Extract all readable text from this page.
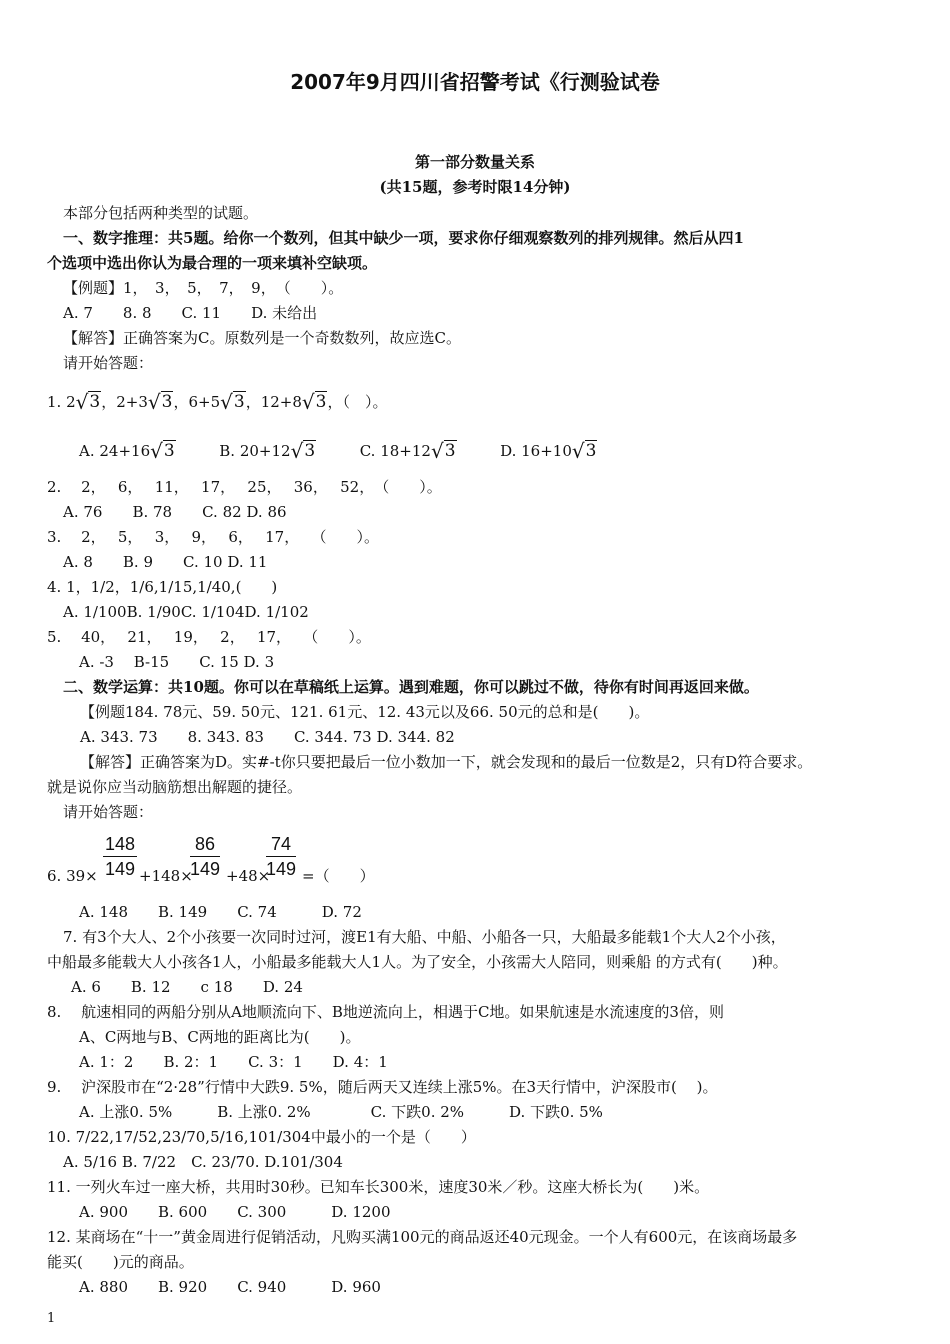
2007年9月四川省招警考试《行测验试卷
第一部分数量关系
(共15题，参考时限14分钟)
本部分包括两种类型的试题。
一、数字推理：共5题。给你一个数列，但其中缺少一项，要求你仔细观察数列的排列规律。然后从四1
个选项中选出你认为最合理的一项来填补空缺项。
【例题】1，　3，　5，　7，　9，　（　　）。
A. 7　　8. 8　　C. 11　　D. 未给出
【解答】正确答案为C。原数列是一个奇数数列，故应选C。
请开始答题：
1. 2√3，2+3√3，6+5√3，12+8√3，（　）。
A. 24+16√3	B. 20+12√3	C. 18+12√3	D. 16+10√3
2.　 2，　 6，　 11，　 17，　 25，　 36，　 52，　（　　）。
A. 76　　B. 78　　C. 82 D. 86
3.　 2，　 5，　 3，　 9，　 6，　 17，　 （　　）。
A. 8　　B. 9　　C. 10 D. 11
4. 1，1/2，1/6,1/15,1/40,(　　)
A. 1/100B. 1/90C. 1/104D. 1/102
5.　 40，　 21，　 19，　 2，　 17，　 （　　）。
A. -3　 B-15　　C. 15 D. 3
二、数学运算：共10题。你可以在草稿纸上运算。遇到难题，你可以跳过不做，待你有时间再返回来做。
【例题184. 78元、59. 50元、121. 61元、12. 43元以及66. 50元的总和是(　　)。
A. 343. 73　　8. 343. 83　　C. 344. 73 D. 344. 82
【解答】正确答案为D。实#-t你只要把最后一位小数加一下，就会发现和的最后一位数是2，只有D符合要求。
就是说你应当动脑筋想出解题的捷径。
请开始答题：
$\frac{148}{149}$	$\frac{86}{149}$	$\frac{74}{149}$
6. 39×	+148× +48× =（　　）
A. 148　　B. 149　　C. 74　　　D. 72
7. 有3个大人、2个小孩要一次同时过河，渡E1有大船、中船、小船各一只，大船最多能载1个大人2个小孩，
中船最多能载大人小孩各1人，小船最多能载大人1人。为了安全，小孩需大人陪同，则乘船 的方式有(　　)种。
A. 6　　B. 12　　c 18　　D. 24
8.　 航速相同的两船分别从A地顺流向下、B地逆流向上，相遇于C地。如果航速是水流速度的3倍，则
A、C两地与B、C两地的距离比为(　　)。
A. 1：2　　B. 2：1　　C. 3：1　　D. 4：1
9.　 沪深股市在“2·28”行情中大跌9. 5%，随后两天又连续上涨5%。在3天行情中，沪深股市(　 )。
A. 上涨0. 5%　　　B. 上涨0. 2%　　　　C. 下跌0. 2%　　　D. 下跌0. 5%
10. 7/22,17/52,23/70,5/16,101/304中最小的一个是（　　）
A. 5/16 B. 7/22　C. 23/70. D.101/304
11. 一列火车过一座大桥，共用时30秒。已知车长300米，速度30米／秒。这座大桥长为(　　)米。
A. 900　　B. 600　　C. 300　　　D. 1200
12. 某商场在“十一”黄金周进行促销活动，凡购买满100元的商品返还40元现金。一个人有600元，在该商场最多
能买(　　)元的商品。
A. 880　　B. 920　　C. 940　　　D. 960
1
